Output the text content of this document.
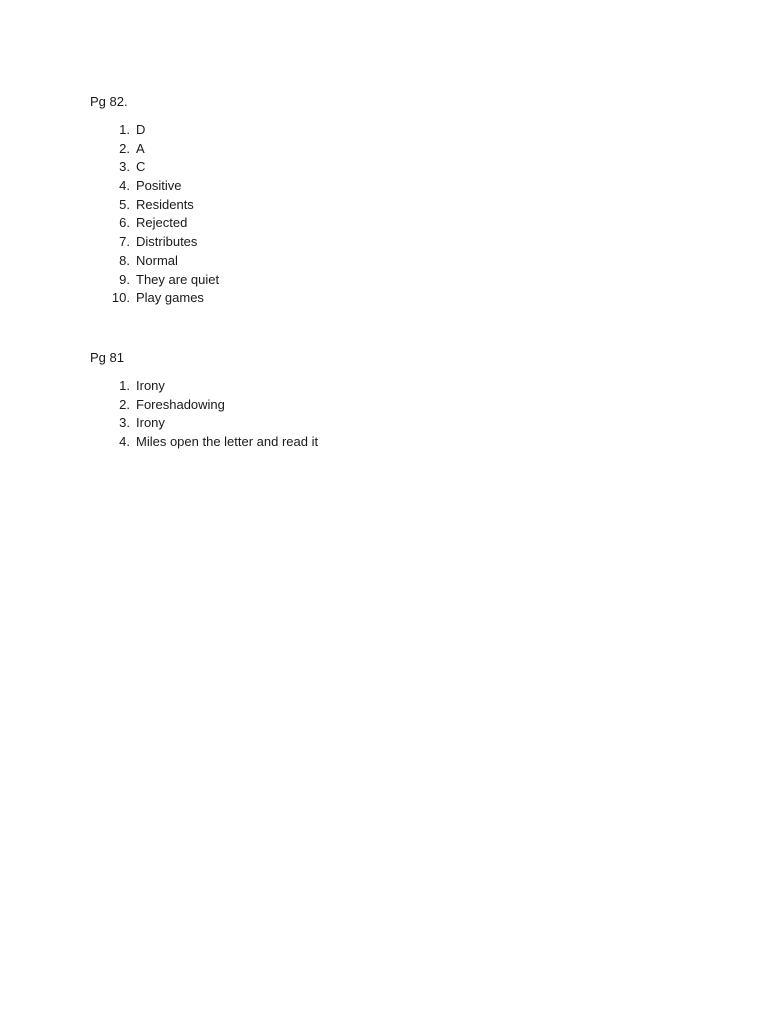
Pg 82.

1. D
2. A
3. C
4. Positive
5. Residents
6. Rejected
7. Distributes
8. Normal
9. They are quiet
10. Play games

Pg 81

1. Irony
2. Foreshadowing
3. Irony
4. Miles open the letter and read it
